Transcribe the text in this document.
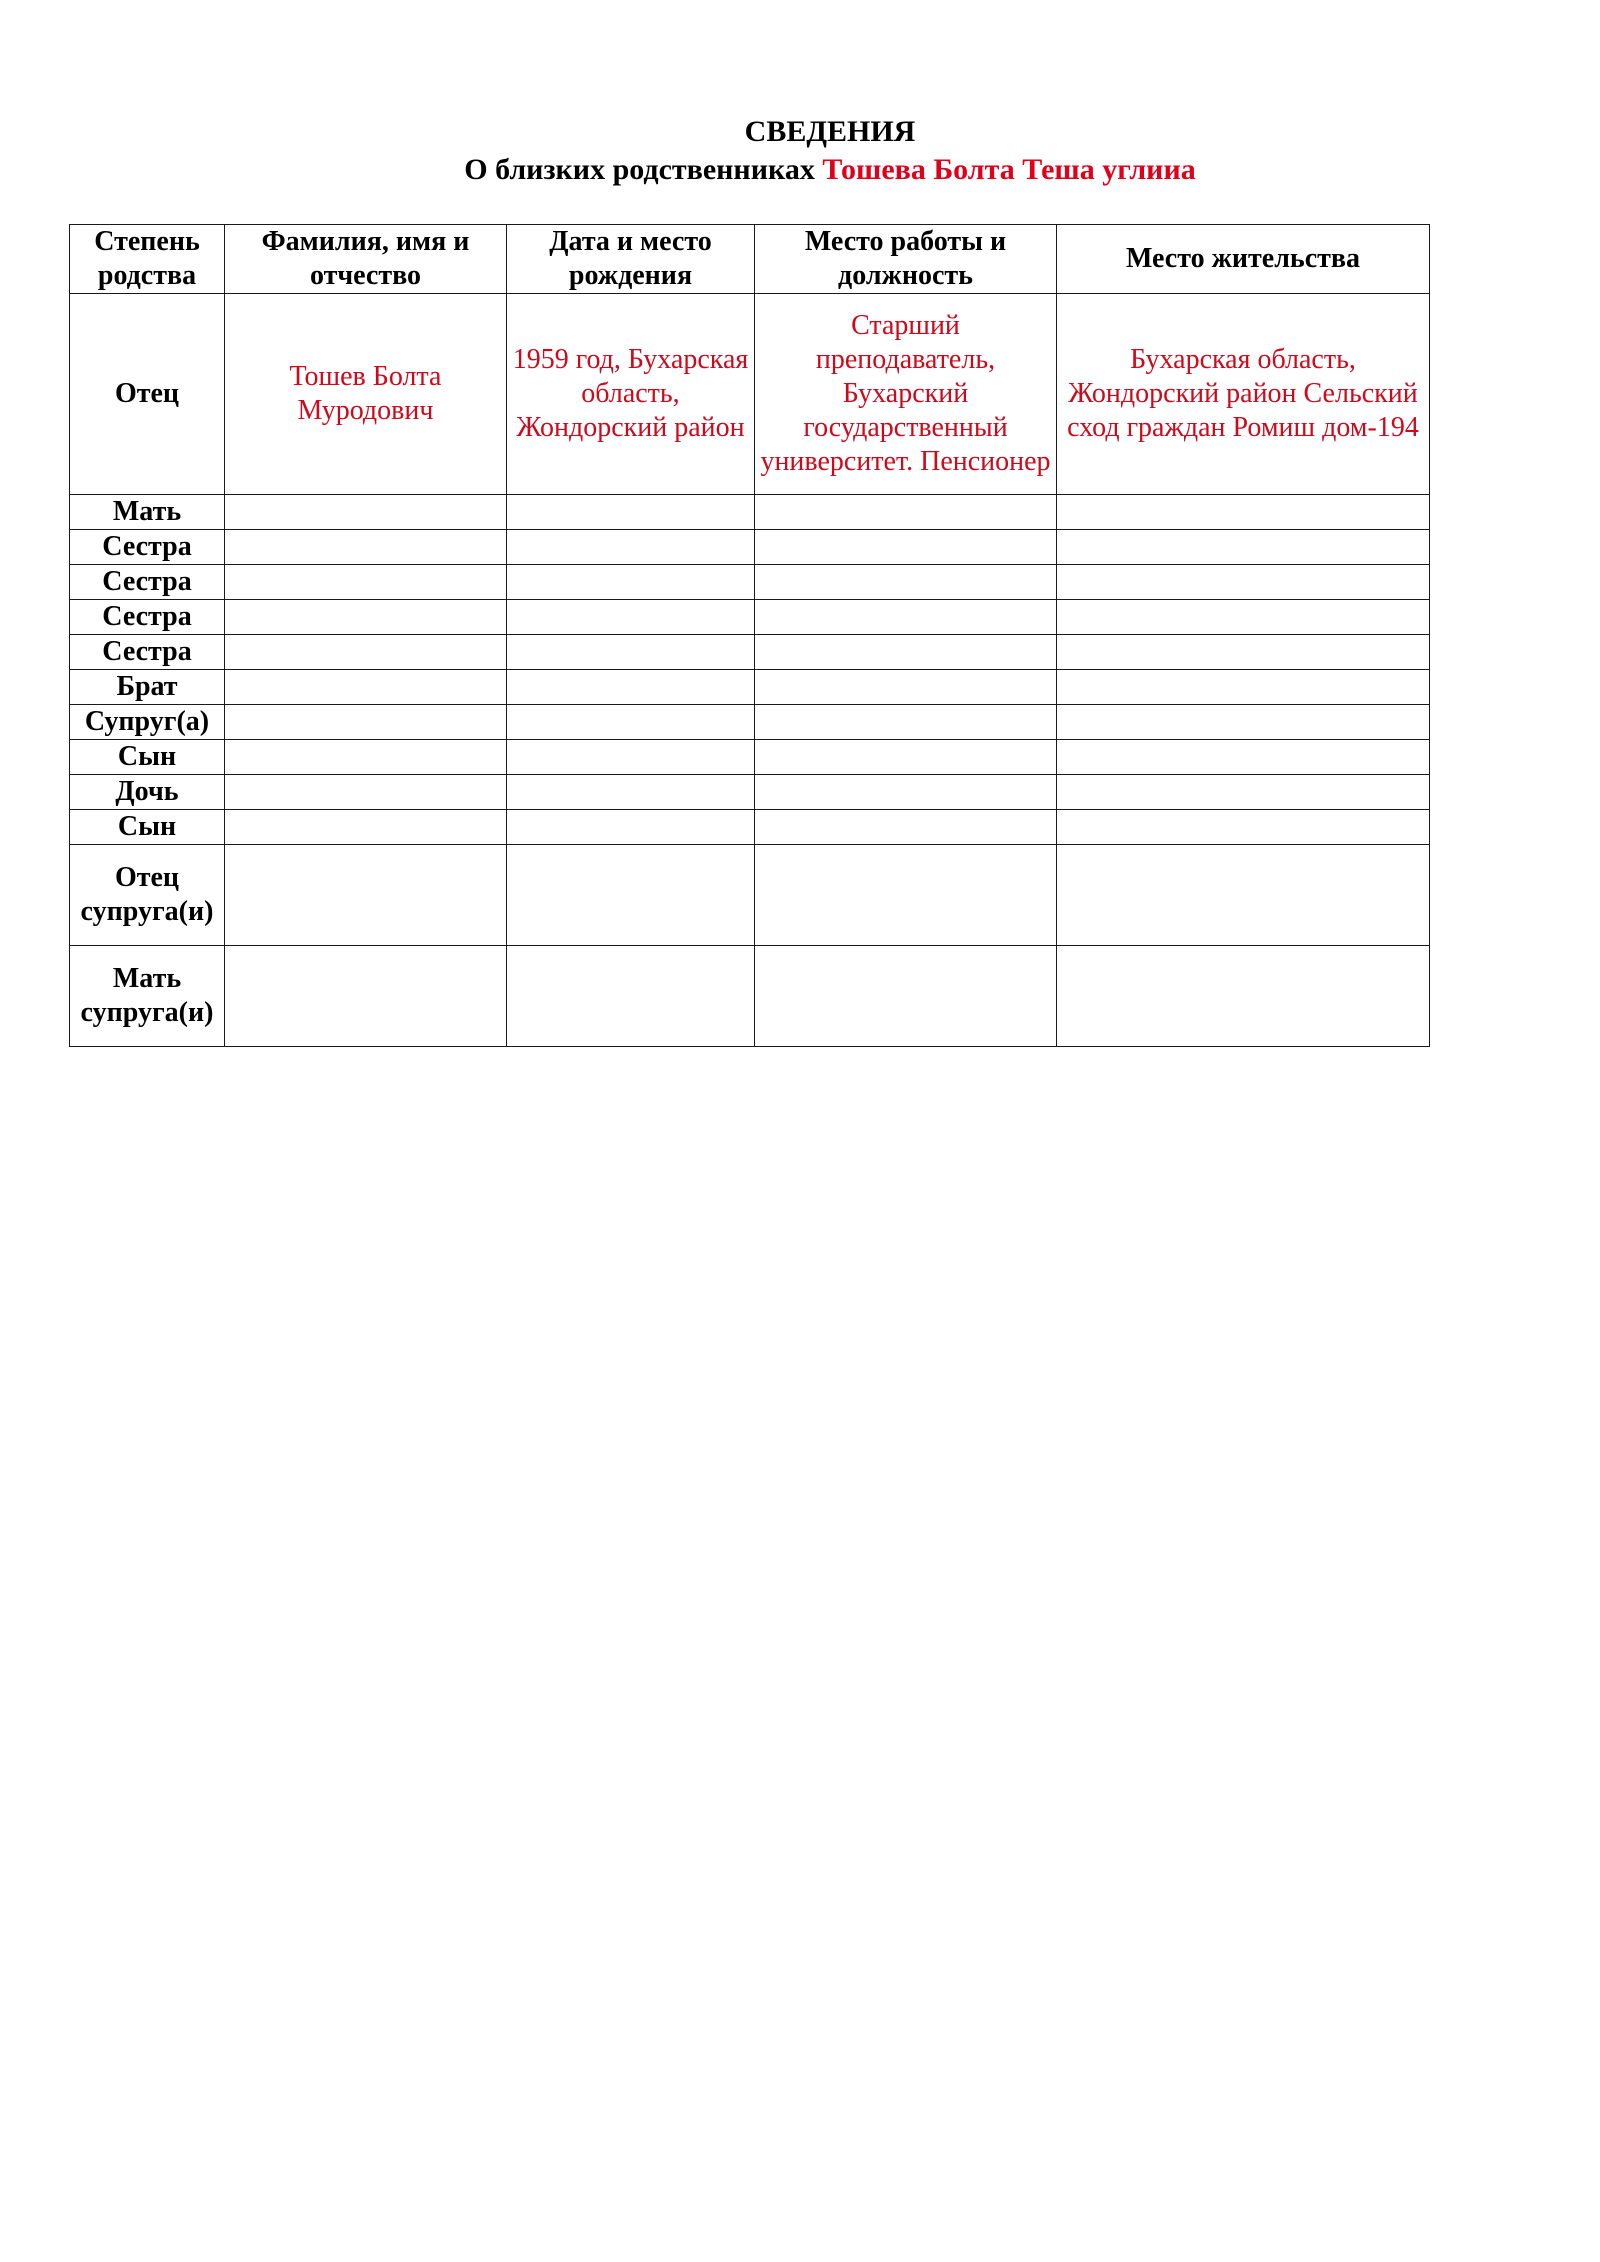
СВЕДЕНИЯ
О близких родственниках Тошева Болта Теша углииа
Степень родства	Фамилия, имя и отчество	Дата и место рождения	Место работы и должность	Место жительства
Отец	Тошев Болта Муродович	1959 год, Бухарская область, Жондорский район	Старший преподаватель, Бухарский государственный университет. Пенсионер	Бухарская область, Жондорский район Сельский сход граждан Ромиш дом-194
Мать				
Сестра				
Сестра				
Сестра				
Сестра				
Брат				
Супруг(а)				
Сын				
Дочь				
Сын				
Отец супруга(и)				
Мать супруга(и)				
